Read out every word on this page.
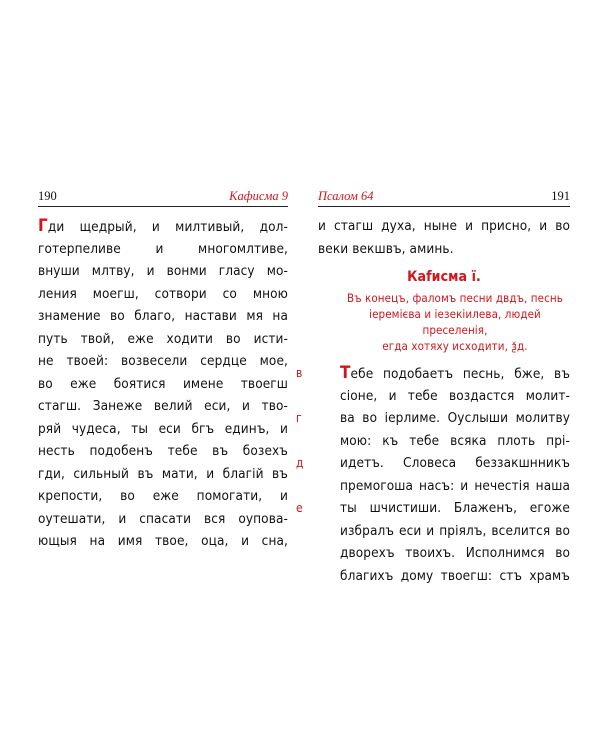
190	Кафисма 9
Гди щедрый, и милтивый, дол-
готерпеливе и многомлтиве,
внуши млтву, и вонми гласу мо-
ления моегш, сотвори со мною
знамение во благо, настави мя на
путь твой, еже ходити во исти-
не твоей: возвесели сердце мое,
во еже боятися имене твоегш
стагш. Занеже велий еси, и тво-
ряй чудеса, ты еси бгъ единъ, и
несть подобенъ тебе въ бозехъ
гди, сильный въ мати, и благій въ
крепости, во еже помогати, и
оутешати, и спасати вся оупова-
ющыя на имя твое, оца, и сна,
Псалом 64	191
и стагш духа, ныне и присно, и во
веки векшвъ, аминь.
Каfисма ї.
Въ конецъ, фаломъ песни двдъ, песнь
іеремієва и іезекіилева, людей преселенія,
егда хотяху исходити, ѯд.
в	Тебе подобаетъ песнь, бже, въ
сіоне, и тебе воздастся молит-
г	ва во іерлиме. Оуслыши молитву
мою: къ тебе всяка плоть прі-
д	идетъ. Словеса беззакшнникъ
премогоша насъ: и нечестія наша
е	ты шчистиши. Блаженъ, егоже
избралъ еси и пріялъ, вселится во
дворехъ твоихъ. Исполнимся во
благихъ дому твоегш: стъ храмъ
